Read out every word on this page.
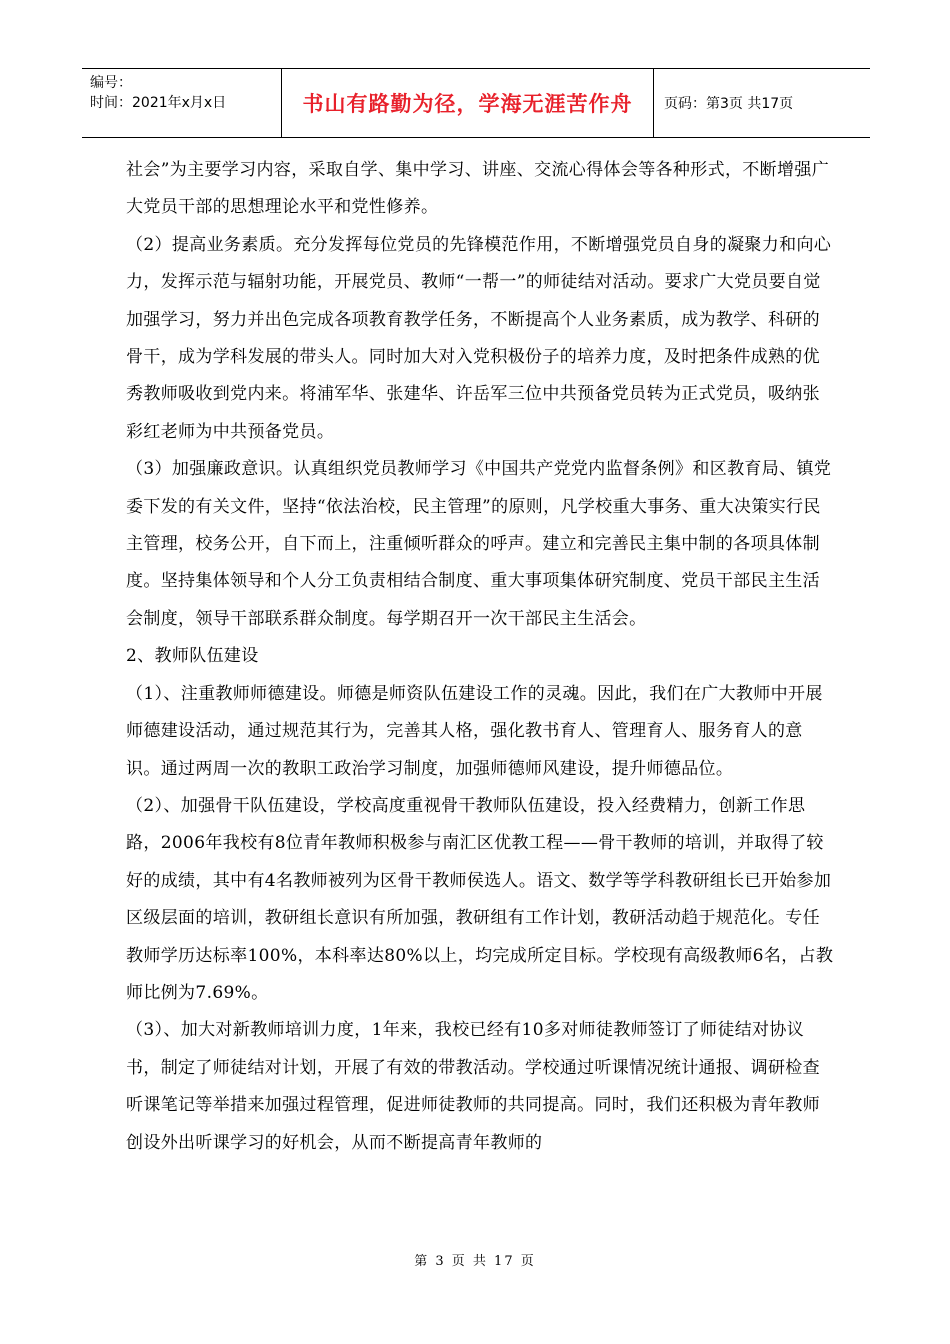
编号：
时间：2021年x月x日	书山有路勤为径，学海无涯苦作舟	页码：第3页 共17页

社会”为主要学习内容，采取自学、集中学习、讲座、交流心得体会等各种形式，不断增强广大党员干部的思想理论水平和党性修养。

（2）提高业务素质。充分发挥每位党员的先锋模范作用，不断增强党员自身的凝聚力和向心力，发挥示范与辐射功能，开展党员、教师“一帮一”的师徒结对活动。要求广大党员要自觉加强学习，努力并出色完成各项教育教学任务，不断提高个人业务素质，成为教学、科研的骨干，成为学科发展的带头人。同时加大对入党积极份子的培养力度，及时把条件成熟的优秀教师吸收到党内来。将浦军华、张建华、许岳军三位中共预备党员转为正式党员，吸纳张彩红老师为中共预备党员。

（3）加强廉政意识。认真组织党员教师学习《中国共产党党内监督条例》和区教育局、镇党委下发的有关文件，坚持“依法治校，民主管理”的原则，凡学校重大事务、重大决策实行民主管理，校务公开，自下而上，注重倾听群众的呼声。建立和完善民主集中制的各项具体制度。坚持集体领导和个人分工负责相结合制度、重大事项集体研究制度、党员干部民主生活会制度，领导干部联系群众制度。每学期召开一次干部民主生活会。

2、教师队伍建设

（1）、注重教师师德建设。师德是师资队伍建设工作的灵魂。因此，我们在广大教师中开展师德建设活动，通过规范其行为，完善其人格，强化教书育人、管理育人、服务育人的意识。通过两周一次的教职工政治学习制度，加强师德师风建设，提升师德品位。

（2）、加强骨干队伍建设，学校高度重视骨干教师队伍建设，投入经费精力，创新工作思路，2006年我校有8位青年教师积极参与南汇区优教工程——骨干教师的培训，并取得了较好的成绩，其中有4名教师被列为区骨干教师侯选人。语文、数学等学科教研组长已开始参加区级层面的培训，教研组长意识有所加强，教研组有工作计划，教研活动趋于规范化。专任教师学历达标率100%，本科率达80%以上，均完成所定目标。学校现有高级教师6名，占教师比例为7.69%。

（3）、加大对新教师培训力度，1年来，我校已经有10多对师徒教师签订了师徒结对协议书，制定了师徒结对计划，开展了有效的带教活动。学校通过听课情况统计通报、调研检查听课笔记等举措来加强过程管理，促进师徒教师的共同提高。同时，我们还积极为青年教师创设外出听课学习的好机会，从而不断提高青年教师的

第 3 页 共 17 页
